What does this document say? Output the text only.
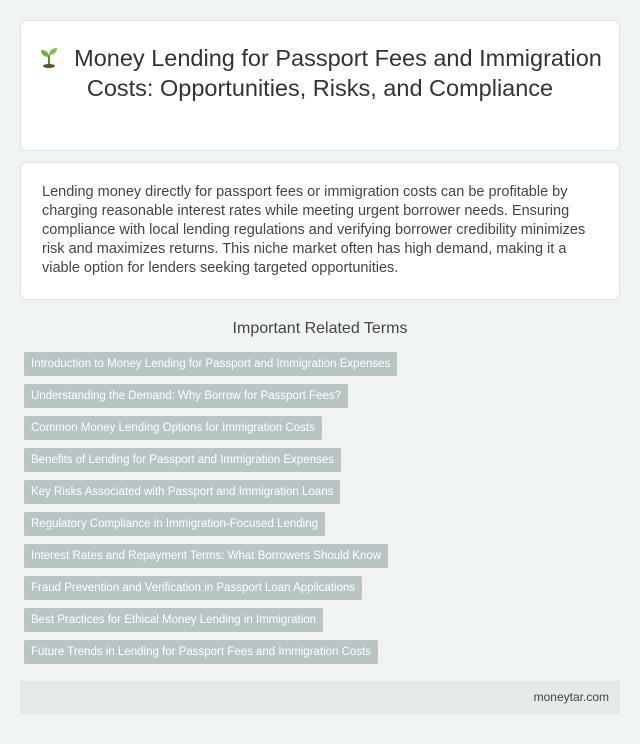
Money Lending for Passport Fees and Immigration Costs: Opportunities, Risks, and Compliance

Lending money directly for passport fees or immigration costs can be profitable by charging reasonable interest rates while meeting urgent borrower needs. Ensuring compliance with local lending regulations and verifying borrower credibility minimizes risk and maximizes returns. This niche market often has high demand, making it a viable option for lenders seeking targeted opportunities.

Important Related Terms
Introduction to Money Lending for Passport and Immigration Expenses
Understanding the Demand: Why Borrow for Passport Fees?
Common Money Lending Options for Immigration Costs
Benefits of Lending for Passport and Immigration Expenses
Key Risks Associated with Passport and Immigration Loans
Regulatory Compliance in Immigration-Focused Lending
Interest Rates and Repayment Terms: What Borrowers Should Know
Fraud Prevention and Verification in Passport Loan Applications
Best Practices for Ethical Money Lending in Immigration
Future Trends in Lending for Passport Fees and Immigration Costs
moneytar.com
